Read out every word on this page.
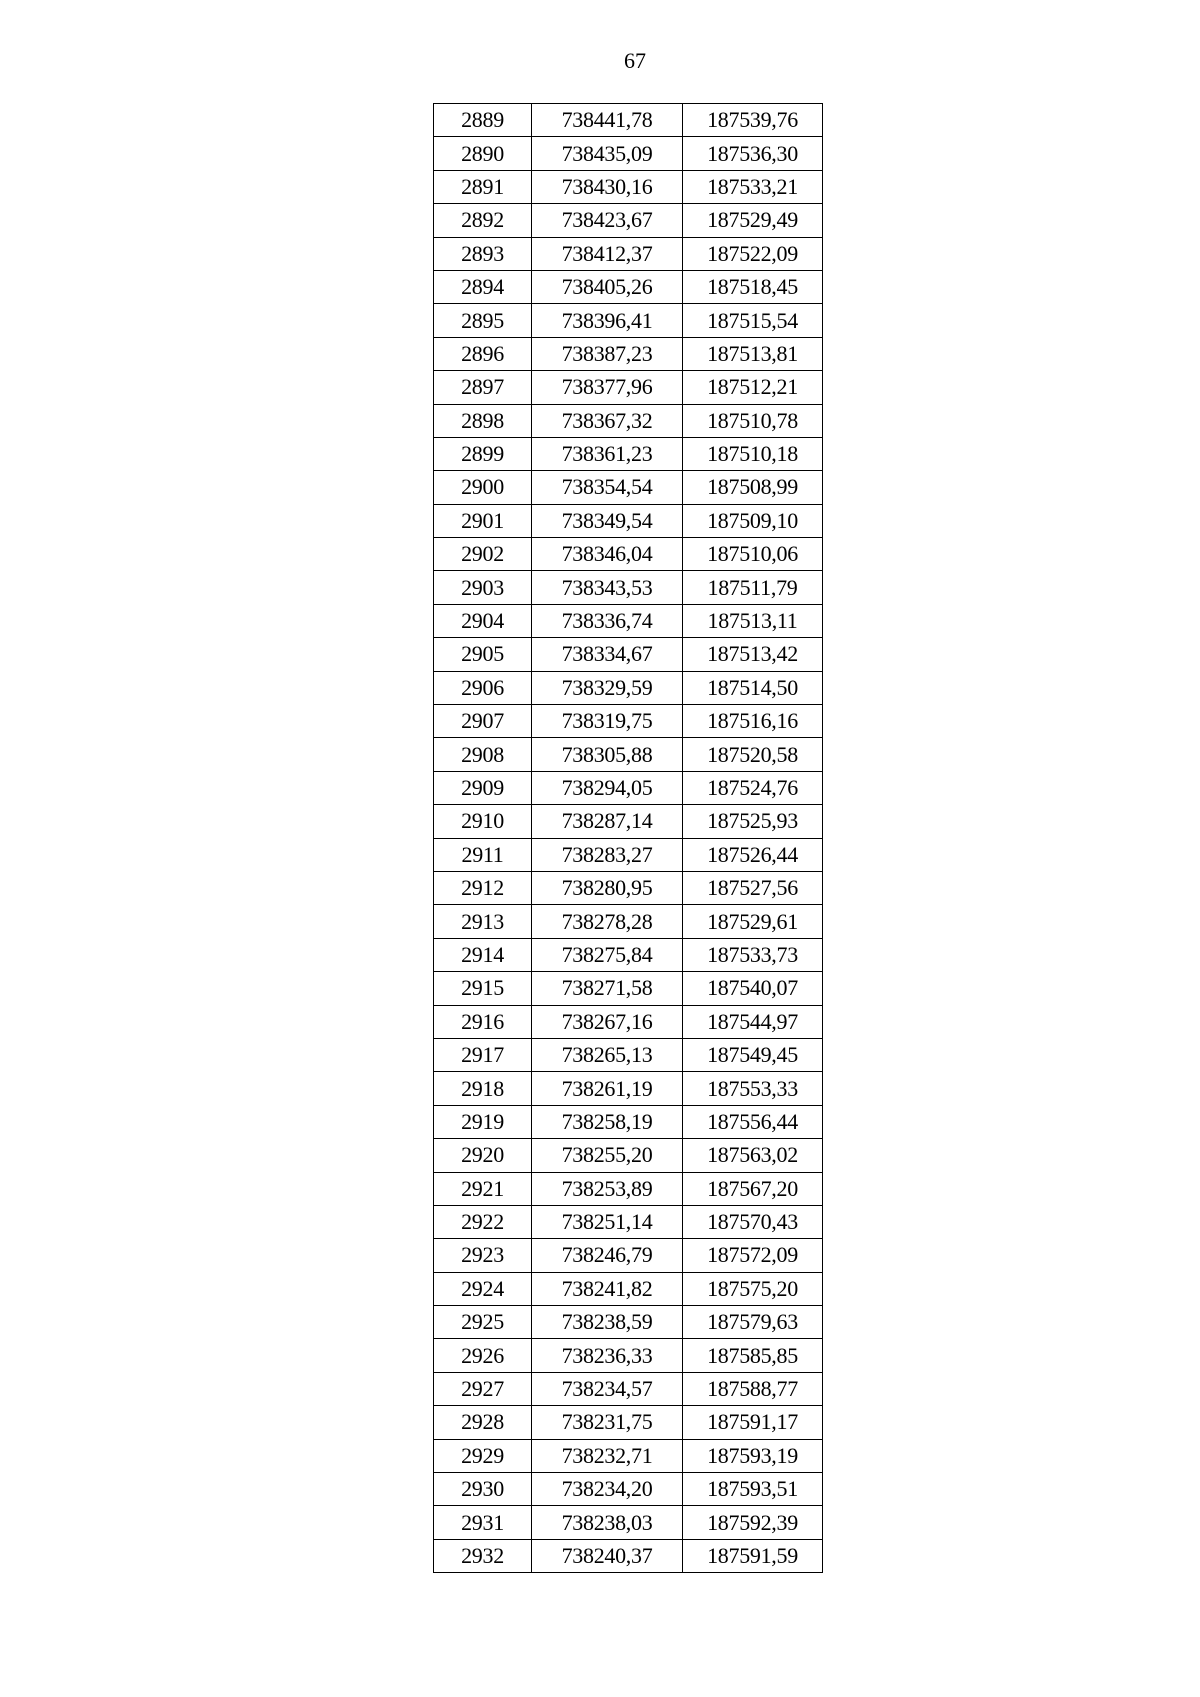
67
2889	738441,78	187539,76
2890	738435,09	187536,30
2891	738430,16	187533,21
2892	738423,67	187529,49
2893	738412,37	187522,09
2894	738405,26	187518,45
2895	738396,41	187515,54
2896	738387,23	187513,81
2897	738377,96	187512,21
2898	738367,32	187510,78
2899	738361,23	187510,18
2900	738354,54	187508,99
2901	738349,54	187509,10
2902	738346,04	187510,06
2903	738343,53	187511,79
2904	738336,74	187513,11
2905	738334,67	187513,42
2906	738329,59	187514,50
2907	738319,75	187516,16
2908	738305,88	187520,58
2909	738294,05	187524,76
2910	738287,14	187525,93
2911	738283,27	187526,44
2912	738280,95	187527,56
2913	738278,28	187529,61
2914	738275,84	187533,73
2915	738271,58	187540,07
2916	738267,16	187544,97
2917	738265,13	187549,45
2918	738261,19	187553,33
2919	738258,19	187556,44
2920	738255,20	187563,02
2921	738253,89	187567,20
2922	738251,14	187570,43
2923	738246,79	187572,09
2924	738241,82	187575,20
2925	738238,59	187579,63
2926	738236,33	187585,85
2927	738234,57	187588,77
2928	738231,75	187591,17
2929	738232,71	187593,19
2930	738234,20	187593,51
2931	738238,03	187592,39
2932	738240,37	187591,59
